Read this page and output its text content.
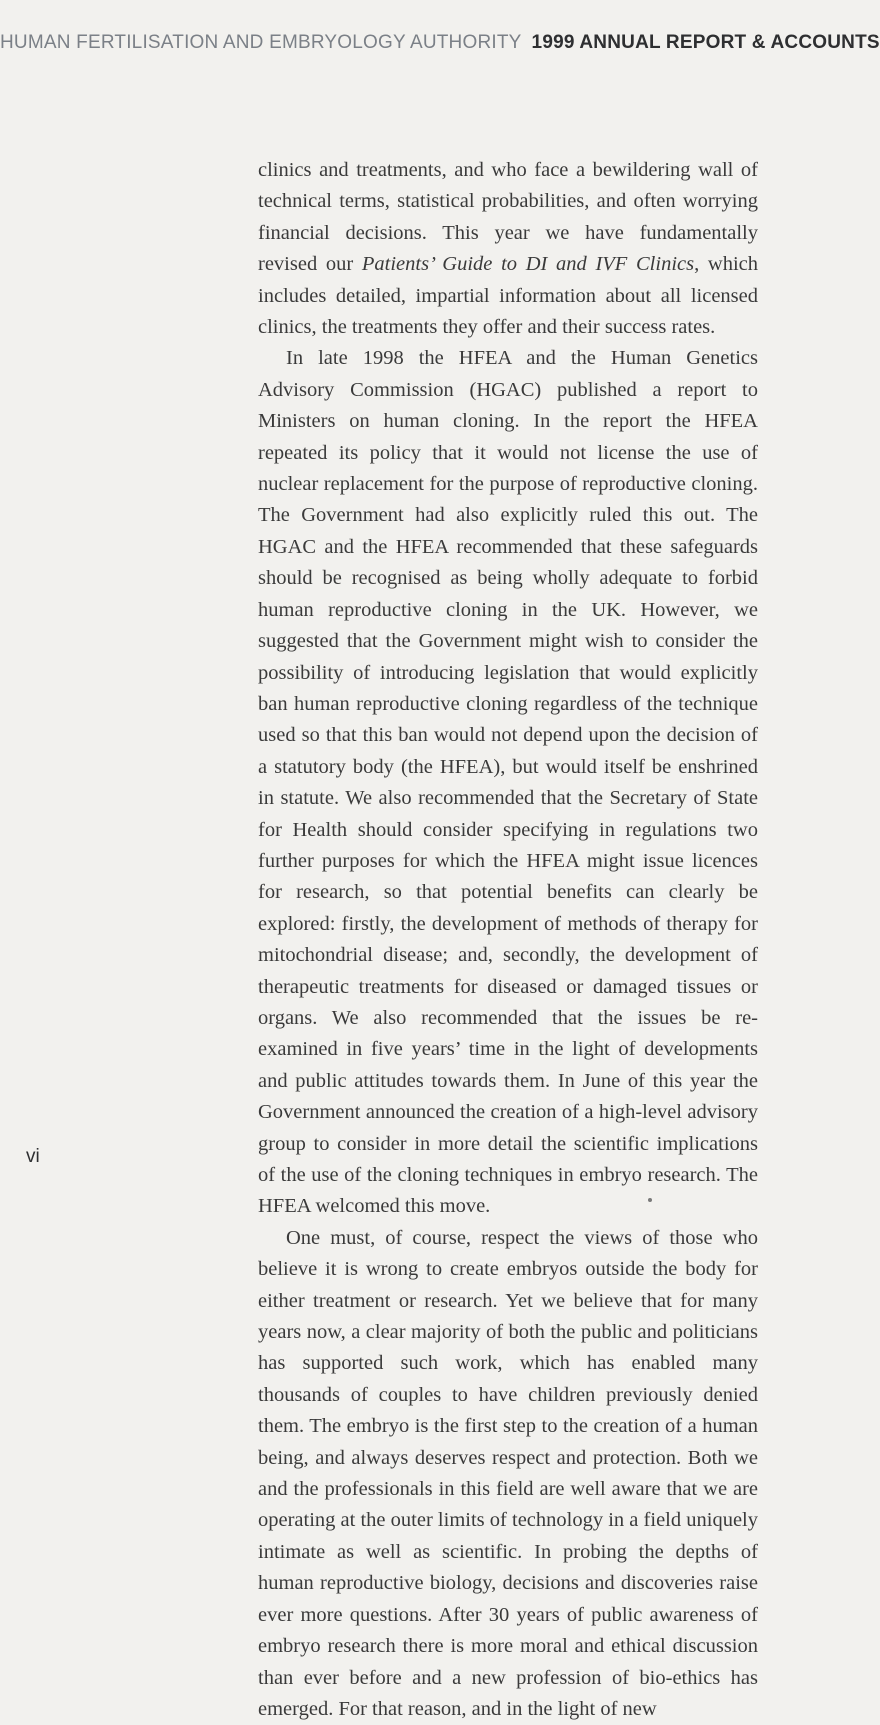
HUMAN FERTILISATION AND EMBRYOLOGY AUTHORITY 1999 ANNUAL REPORT & ACCOUNTS

clinics and treatments, and who face a bewildering wall of technical terms, statistical probabilities, and often worrying financial decisions. This year we have fundamentally revised our Patients’ Guide to DI and IVF Clinics, which includes detailed, impartial information about all licensed clinics, the treatments they offer and their success rates.

In late 1998 the HFEA and the Human Genetics Advisory Commission (HGAC) published a report to Ministers on human cloning. In the report the HFEA repeated its policy that it would not license the use of nuclear replacement for the purpose of reproductive cloning. The Government had also explicitly ruled this out. The HGAC and the HFEA recommended that these safeguards should be recognised as being wholly adequate to forbid human reproductive cloning in the UK. However, we suggested that the Government might wish to consider the possibility of introducing legislation that would explicitly ban human reproductive cloning regardless of the technique used so that this ban would not depend upon the decision of a statutory body (the HFEA), but would itself be enshrined in statute. We also recommended that the Secretary of State for Health should consider specifying in regulations two further purposes for which the HFEA might issue licences for research, so that potential benefits can clearly be explored: firstly, the development of methods of therapy for mitochondrial disease; and, secondly, the development of therapeutic treatments for diseased or damaged tissues or organs. We also recommended that the issues be re-examined in five years’ time in the light of developments and public attitudes towards them. In June of this year the Government announced the creation of a high-level advisory group to consider in more detail the scientific implications of the use of the cloning techniques in embryo research. The HFEA welcomed this move.

One must, of course, respect the views of those who believe it is wrong to create embryos outside the body for either treatment or research. Yet we believe that for many years now, a clear majority of both the public and politicians has supported such work, which has enabled many thousands of couples to have children previously denied them. The embryo is the first step to the creation of a human being, and always deserves respect and protection. Both we and the professionals in this field are well aware that we are operating at the outer limits of technology in a field uniquely intimate as well as scientific. In probing the depths of human reproductive biology, decisions and discoveries raise ever more questions. After 30 years of public awareness of embryo research there is more moral and ethical discussion than ever before and a new profession of bio-ethics has emerged. For that reason, and in the light of new

vi
